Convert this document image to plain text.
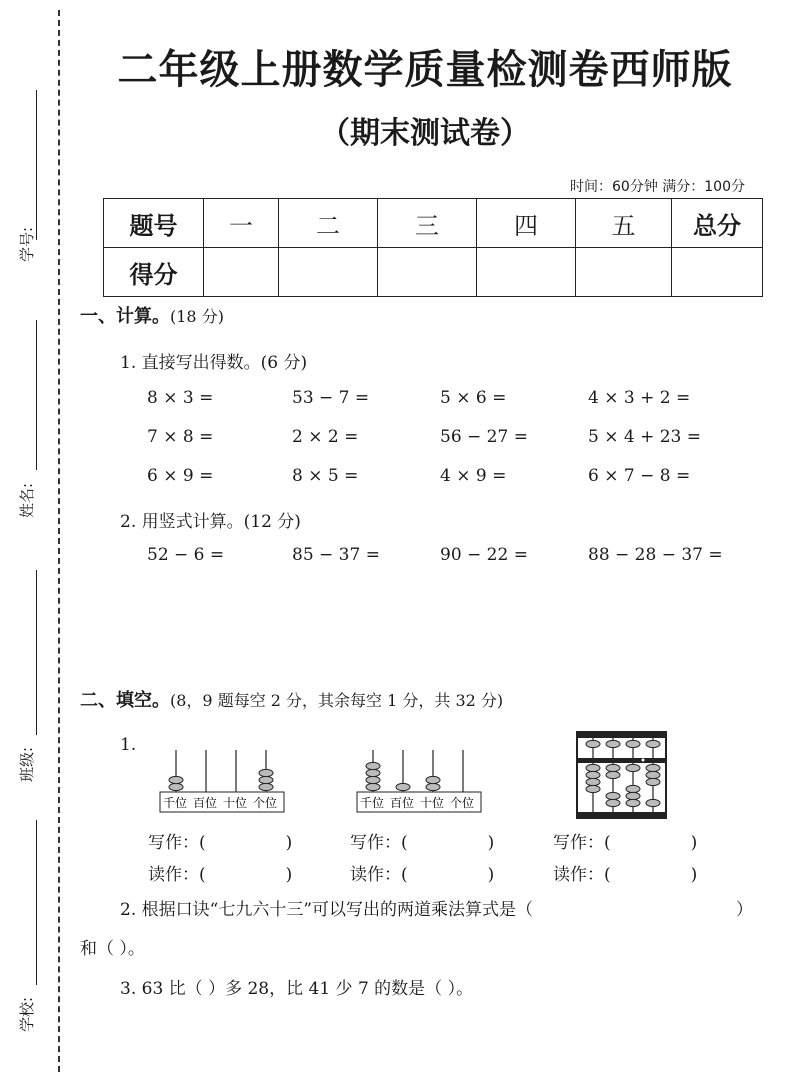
学号:
姓名:
班级:
学校:
二年级上册数学质量检测卷西师版
（期末测试卷）
时间：60分钟 满分：100分
题号	一	二	三	四	五	总分
得分						
一、计算。(18 分)
1. 直接写出得数。(6 分)
8 × 3 =	53 − 7 =	5 × 6 =	4 × 3 + 2 =
7 × 8 =	2 × 2 =	56 − 27 =	5 × 4 + 23 =
6 × 9 =	8 × 5 =	4 × 9 =	6 × 7 − 8 =
2. 用竖式计算。(12 分)
52 − 6 =	85 − 37 =	90 − 22 =	88 − 28 − 37 =
二、填空。(8，9 题每空 2 分，其余每空 1 分，共 32 分)
1.
千位 百位 十位 个位	千位 百位 十位 个位
写作：(	)
读作：(	)
写作：(	)
读作：(	)
写作：(	)
读作：(	)
2. 根据口诀“七九六十三”可以写出的两道乘法算式是（	）
和（ ）。
3. 63 比（ ）多 28，比 41 少 7 的数是（ ）。
